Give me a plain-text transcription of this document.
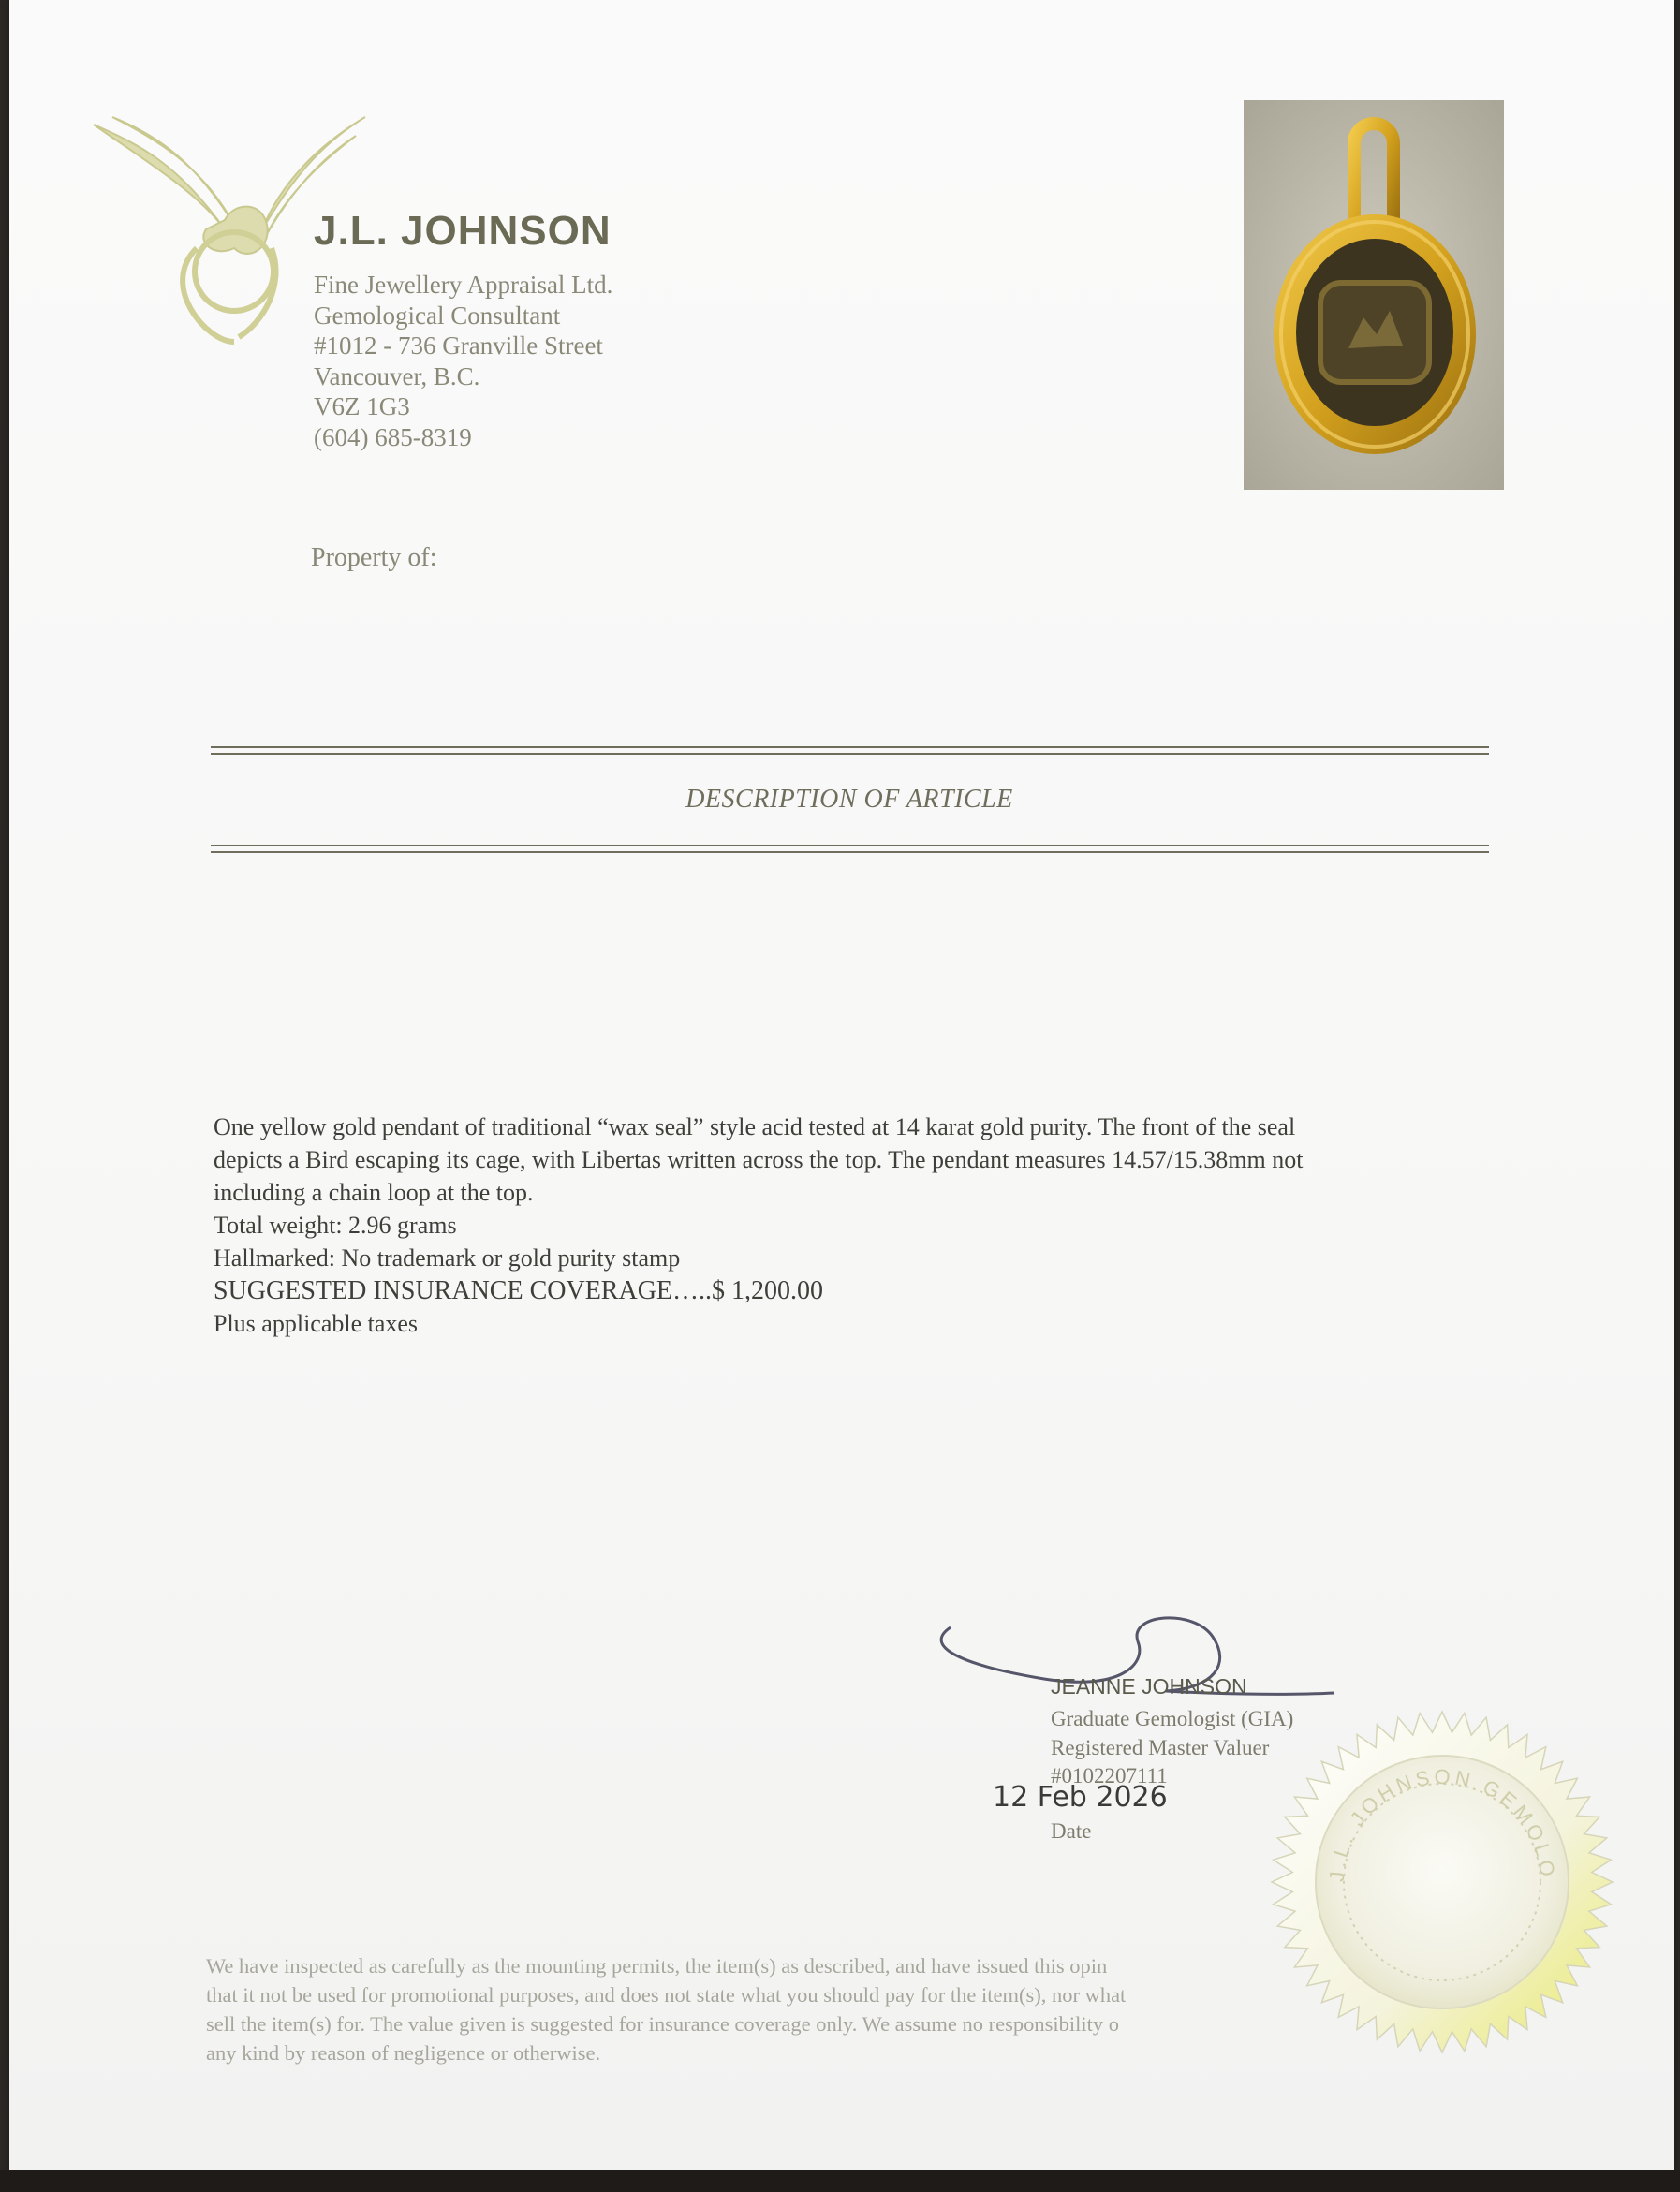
J.L. JOHNSON
Fine Jewellery Appraisal Ltd.
Gemological Consultant
#1012 - 736 Granville Street
Vancouver, B.C.
V6Z 1G3
(604) 685-8319
Property of:
DESCRIPTION OF ARTICLE
One yellow gold pendant of traditional “wax seal” style acid tested at 14 karat gold purity. The front of the seal
depicts a Bird escaping its cage, with Libertas written across the top. The pendant measures 14.57/15.38mm not
including a chain loop at the top.
Total weight: 2.96 grams
Hallmarked: No trademark or gold purity stamp
SUGGESTED INSURANCE COVERAGE…..$ 1,200.00
Plus applicable taxes
JEANNE JOHNSON
Graduate Gemologist (GIA)
Registered Master Valuer
#0102207111
12 Feb 2026
Date
We have inspected as carefully as the mounting permits, the item(s) as described, and have issued this opin
that it not be used for promotional purposes, and does not state what you should pay for the item(s), nor what
sell the item(s) for. The value given is suggested for insurance coverage only. We assume no responsibility o
any kind by reason of negligence or otherwise.
J.L. JOHNSON GEMOLO
